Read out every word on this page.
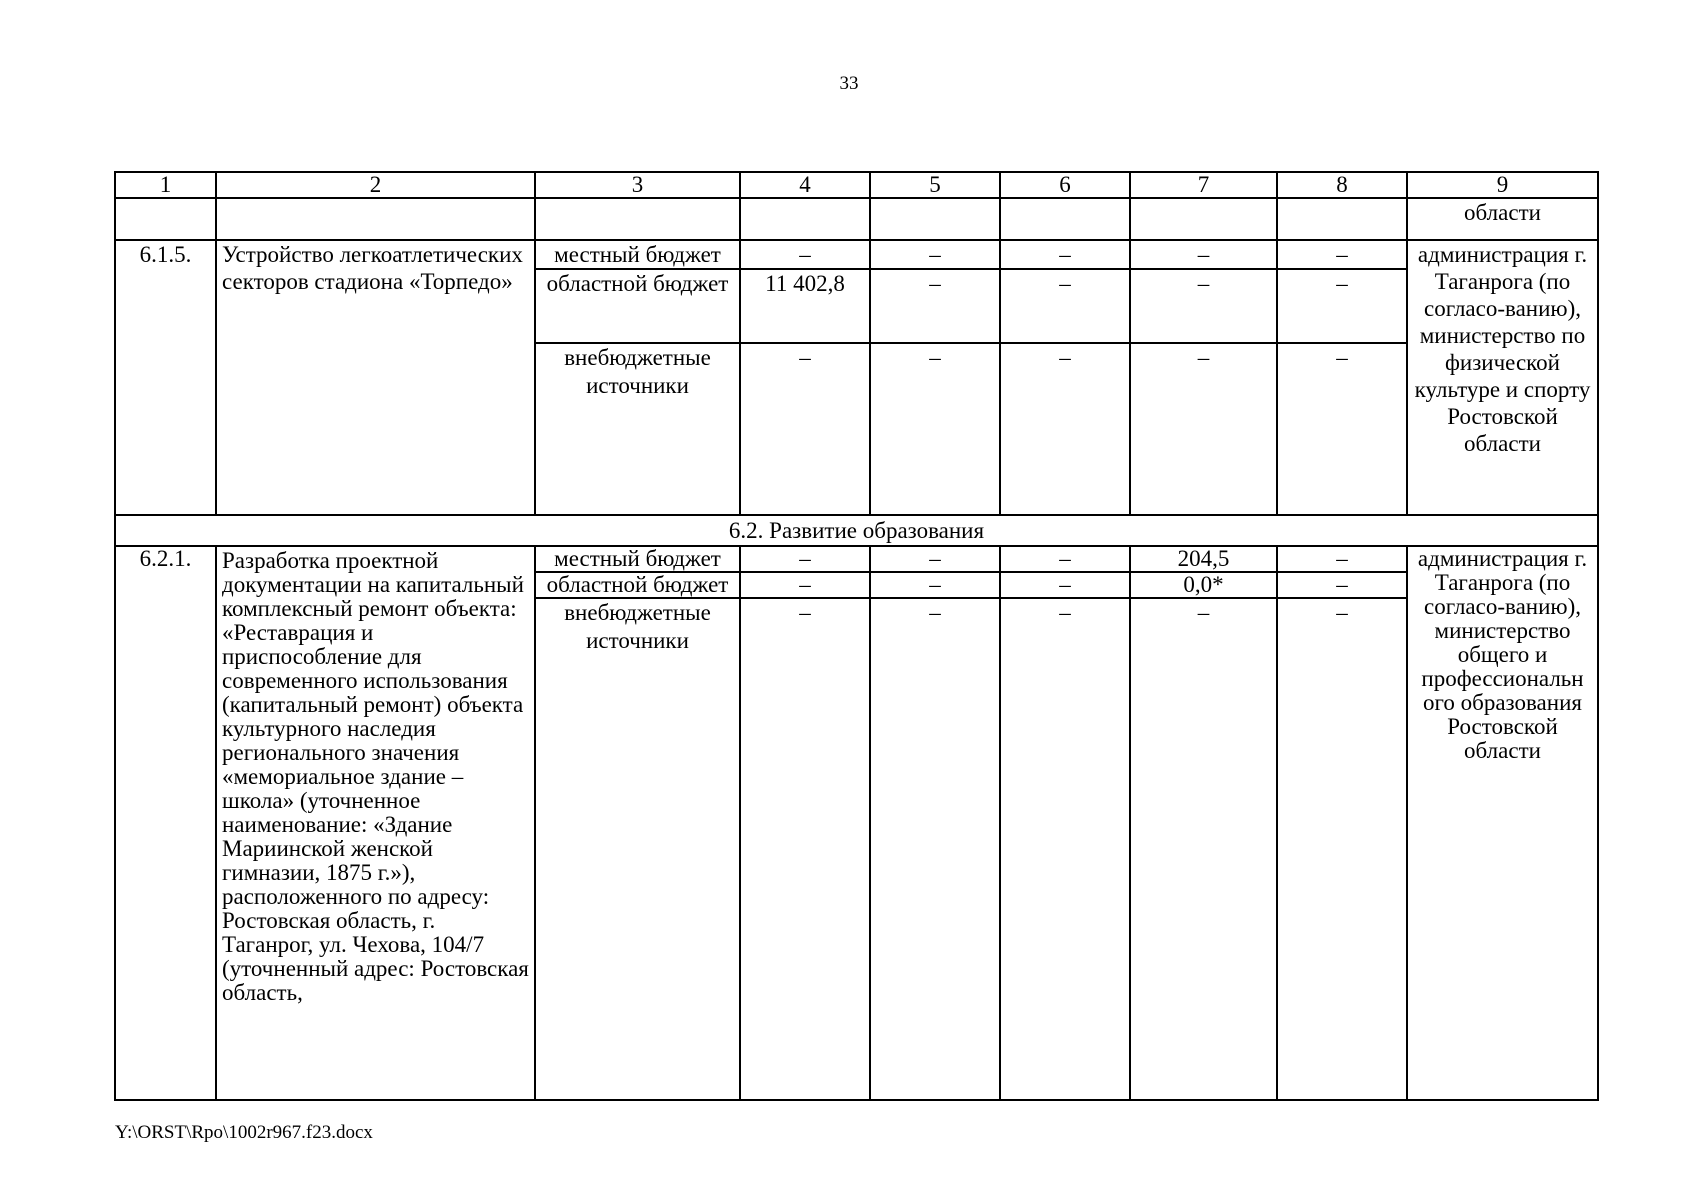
33
1	2	3	4	5	6	7	8	9
								области
6.1.5.	Устройство легкоатлетических секторов стадиона «Торпедо»	местный бюджет	–	–	–	–	–	администрация г. Таганрога (по согласо-ванию), министерство по физической культуре и спорту Ростовской области
		областной бюджет	11 402,8	–	–	–	–	
		внебюджетные источники	–	–	–	–	–	
6.2. Развитие образования								
6.2.1.	Разработка проектной документации на капитальный комплексный ремонт объекта: «Реставрация и приспособление для современного использования (капитальный ремонт) объекта культурного наследия регионального значения «мемориальное здание – школа» (уточненное наименование: «Здание Мариинской женской гимназии, 1875 г.»), расположенного по адресу: Ростовская область, г. Таганрог, ул. Чехова, 104/7 (уточненный адрес: Ростовская область,	местный бюджет	–	–	–	204,5	–	администрация г. Таганрога (по согласо-ванию), министерство общего и профессиональн ого образования Ростовской области
		областной бюджет	–	–	–	0,0*	–	
		внебюджетные источники	–	–	–	–	–	
Y:\ORST\Rpo\1002r967.f23.docx
